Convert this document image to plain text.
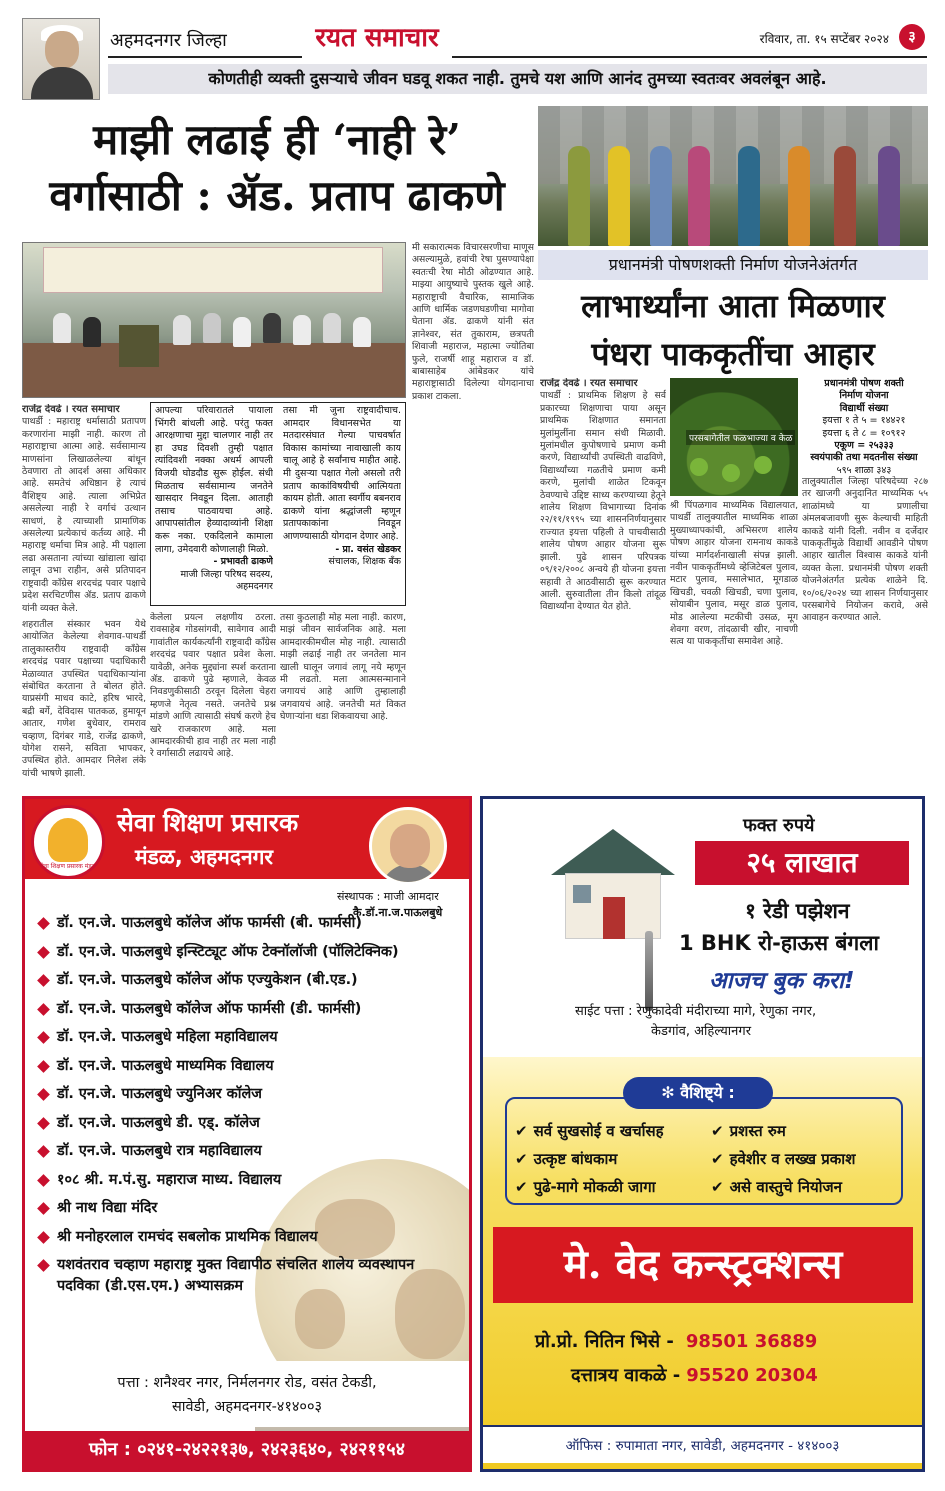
अहमदनगर जिल्हा	रयत समाचार	रविवार, ता. १५ सप्टेंबर २०२४	३
कोणतीही व्यक्ती दुसऱ्याचे जीवन घडवू शकत नाही. तुमचे यश आणि आनंद तुमच्या स्वतःवर अवलंबून आहे.
माझी लढाई ही ‘नाही रे’
वर्गासाठी : ॲड. प्रताप ढाकणे
राजेंद्र देवढे । रयत समाचार
पाथर्डी : महाराष्ट्र धर्मासाठी प्रतापण करणारांना माझी नाही. कारण तो महाराष्ट्राचा आत्मा आहे. सर्वसामान्य माणसांना लिखाळलेल्या बांधून ठेवणारा तो आदर्श असा अधिकार आहे. समतेचं अधिष्ठान हे त्याचं वैशिष्ट्य आहे. त्याला अभिप्रेत असलेल्या नाही रे वर्गाचं उत्थान साधणं, हे त्याच्याशी प्रामाणिक असलेल्या प्रत्येकाचं कर्तव्य आहे. मी महाराष्ट्र धर्माचा मित्र आहे. मी पक्षाला लढा असताना त्यांच्या खांद्याला खांदा लावून उभा राहीन, असे प्रतिपादन राष्ट्रवादी काँग्रेस शरदचंद्र पवार पक्षाचे प्रदेश सरचिटणीस ॲड. प्रताप ढाकणे यांनी व्यक्त केले.
शहरातील संस्कार भवन येथे आयोजित केलेल्या शेवगाव-पाथर्डी तालुकास्तरीय राष्ट्रवादी काँग्रेस शरदचंद्र पवार पक्षाच्या पदाधिकारी मेळाव्यात उपस्थित पदाधिकाऱ्यांना संबोधित करताना ते बोलत होते. याप्रसंगी माधव काटे, हरिष भारदे, बद्री बर्गे, देविदास पातकळ, हुमायून आतार, गणेश बुधेवार, रामराव चव्हाण, दिगंबर गाडे, राजेंद्र ढाकणे, योगेश रासने, सविता भापकर, उपस्थित होते. आमदार निलेश लंके यांची भाषणे झाली.
आपल्या परिवारातले पायाला भिंगरी बांधली आहे. परंतु फक्त आरक्षणाचा मुद्दा चालणार नाही तर हा उघड दिवशी तुम्ही पक्षात त्यांदिवशी नक्का अधर्म आपली विजयी घोडदौड सुरू होईल. संधी मिळताच सर्वसामान्य जनतेने खासदार निवडून दिला. आताही तसाच पाठवायचा आहे. आपापसांतील हेव्यादाव्यांनी शिक्षा करू नका. एकदिलाने कामाला लागा, उमेदवारी कोणालाही मिळो.
- प्रभावती ढाकणे
माजी जिल्हा परिषद सदस्य, अहमदनगर
तसा मी जुना राष्ट्रवादीचाच. आमदार विधानसभेत या मतदारसंघात गेल्या पाचवर्षात विकास कामांच्या नावाखाली काय चालू आहे हे सर्वांनाच माहीत आहे. मी दुसऱ्या पक्षात गेलो असलो तरी प्रताप काकांविषयीची आत्मियता कायम होती. आता स्वर्गीय बबनराव ढाकणे यांना श्रद्धांजली म्हणून प्रतापकाकांना निवडून आणण्यासाठी योगदान देणार आहे.
- प्रा. वसंत खेडकर
संचालक, शिक्षक बँक
केलेला प्रयत्न लक्षणीय ठरला. रावसाहेब गोडसांगवी, सावेगाव आदी गावांतील कार्यकर्त्यांनी राष्ट्रवादी काँग्रेस शरदचंद्र पवार पक्षात प्रवेश केला. यावेळी, अनेक मुद्द्यांना स्पर्श करताना ॲड. ढाकणे पुढे म्हणाले, केवळ निवडणुकीसाठी ठरवून दिलेला चेहरा म्हणजे नेतृत्व नसते. जनतेचे प्रश्न मांडणे आणि त्यासाठी संघर्ष करणे हेच खरे राजकारण आहे. मला आमदारकीची हाव नाही तर मला नाही रे वर्गासाठी लढायचे आहे.
तसा कुठलाही मोह मला नाही. कारण, माझं जीवन सार्वजनिक आहे. मला आमदारकीमधील मोह नाही. त्यासाठी माझी लढाई नाही तर जनतेला मान खाली घालून जगावं लागू नये म्हणून मी लढतो. मला आत्मसन्मानाने जगायचं आहे आणि तुम्हालाही जगवायचं आहे. जनतेची मतं विकत घेणाऱ्यांना धडा शिकवायचा आहे.
मी सकारात्मक विचारसरणीचा माणूस असल्यामुळे, हवांची रेषा पुसण्यापेक्षा स्वतःची रेषा मोठी ओढण्यात आहे. माझ्या आयुष्याचे पुस्तक खुले आहे. महाराष्ट्राची वैचारिक, सामाजिक आणि धार्मिक जडणघडणीचा मागोवा घेताना ॲड. ढाकणे यांनी संत ज्ञानेश्वर, संत तुकाराम, छत्रपती शिवाजी महाराज, महात्मा ज्योतिबा फुले, राजर्षी शाहू महाराज व डॉ. बाबासाहेब आंबेडकर यांचे महाराष्ट्रासाठी दिलेल्या योगदानाचा प्रकाश टाकला.
प्रधानमंत्री पोषणशक्ती निर्माण योजनेअंतर्गत
लाभार्थ्यांना आता मिळणार
पंधरा पाककृतींचा आहार
राजेंद्र देवढे । रयत समाचार
पाथर्डी : प्राथमिक शिक्षण हे सर्व प्रकारच्या शिक्षणाचा पाया असून प्राथमिक शिक्षणात समानता मुलांमुलींना समान संधी मिळावी. मुलांमधील कुपोषणाचे प्रमाण कमी करणे, विद्यार्थ्यांची उपस्थिती वाढविणे, विद्यार्थ्यांच्या गळतीचे प्रमाण कमी करणे, मुलांची शाळेत टिकवून ठेवण्याचे उद्दिष्ट साध्य करण्याच्या हेतूने शालेय शिक्षण विभागाच्या दिनांक २२/११/१९९५ च्या शासननिर्णयानुसार राज्यात इयत्ता पहिली ते पाचवीसाठी शालेय पोषण आहार योजना सुरू झाली. पुढे शासन परिपत्रक ०९/१२/२००८ अन्वये ही योजना इयत्ता सहावी ते आठवीसाठी सुरू करण्यात आली. सुरुवातीला तीन किलो तांदूळ विद्यार्थ्यांना देण्यात येत होते.
परसबागेतील फळभाज्या व केळ
प्रधानमंत्री पोषण शक्ती
निर्माण योजना
विद्यार्थी संख्या
इयत्ता १ ते ५ = १४४२१
इयत्ता ६ ते ८ = १०९१२
एकूण = २५३३३
स्वयंपाकी तथा मदतनीस संख्या
५९५ शाळा ३४३
श्री पिंपळगाव माध्यमिक विद्यालयात, पाथर्डी तालुक्यातील माध्यमिक शाळा मुख्याध्यापकांची, अभिसरण शालेय पोषण आहार योजना रामनाथ काकडे यांच्या मार्गदर्शनाखाली संपन्न झाली. नवीन पाककृतींमध्ये व्हेजिटेबल पुलाव, मटार पुलाव, मसालेभात, मूगडाळ खिचडी, चवळी खिचडी, चणा पुलाव, सोयाबीन पुलाव, मसूर डाळ पुलाव, मोड आलेल्या मटकीची उसळ, मूग शेवगा वरण, तांदळाची खीर, नाचणी सत्व या पाककृतींचा समावेश आहे.
तालुक्यातील जिल्हा परिषदेच्या २८७ तर खाजगी अनुदानित माध्यमिक ५५ शाळांमध्ये या प्रणालीचा अंमलबजावणी सुरू केल्याची माहिती काकडे यांनी दिली. नवीन व दर्जेदार पाककृतींमुळे विद्यार्थी आवडीने पोषण आहार खातील विश्वास काकडे यांनी व्यक्त केला. प्रधानमंत्री पोषण शक्ती योजनेअंतर्गत प्रत्येक शाळेने दि. १०/०६/२०२४ च्या शासन निर्णयानुसार परसबागेचे नियोजन करावे, असे आवाहन करण्यात आले.
सेवा शिक्षण प्रसारक मंडळ
सेवा शिक्षण प्रसारक
मंडळ, अहमदनगर
संस्थापक : माजी आमदार
कै.डॉ.ना.ज.पाऊलबुधे
डॉ. एन.जे. पाऊलबुधे कॉलेज ऑफ फार्मसी (बी. फार्मसी)
डॉ. एन.जे. पाऊलबुधे इन्स्टिट्यूट ऑफ टेक्नॉलॉजी (पॉलिटेक्निक)
डॉ. एन.जे. पाऊलबुधे कॉलेज ऑफ एज्युकेशन (बी.एड.)
डॉ. एन.जे. पाऊलबुधे कॉलेज ऑफ फार्मसी (डी. फार्मसी)
डॉ. एन.जे. पाऊलबुधे महिला महाविद्यालय
डॉ. एन.जे. पाऊलबुधे माध्यमिक विद्यालय
डॉ. एन.जे. पाऊलबुधे ज्युनिअर कॉलेज
डॉ. एन.जे. पाऊलबुधे डी. एड्. कॉलेज
डॉ. एन.जे. पाऊलबुधे रात्र महाविद्यालय
१०८ श्री. म.पं.सु. महाराज माध्य. विद्यालय
श्री नाथ विद्या मंदिर
श्री मनोहरलाल रामचंद सबलोक प्राथमिक विद्यालय
यशवंतराव चव्हाण महाराष्ट्र मुक्त विद्यापीठ संचलित शालेय व्यवस्थापन पदविका (डी.एस.एम.) अभ्यासक्रम
पत्ता : शनैश्वर नगर, निर्मलनगर रोड, वसंत टेकडी,
सावेडी, अहमदनगर-४१४००३
फोन : ०२४१-२४२२१३७, २४२३६४०, २४२११५४
फक्त रुपये
२५ लाखात
१ रेडी पझेशन
1 BHK रो-हाऊस बंगला
आजच बुक करा!
साईट पत्ता : रेणुकादेवी मंदीराच्या मागे, रेणुका नगर,
केडगांव, अहिल्यानगर
✻ वैशिष्ट्ये :
✔ सर्व सुखसोई व खर्चासह	✔ प्रशस्त रुम
✔ उत्कृष्ट बांधकाम	✔ हवेशीर व लख्ख प्रकाश
✔ पुढे-मागे मोकळी जागा	✔ असे वास्तुचे नियोजन
मे. वेद कन्स्ट्रक्शन्स
प्रो.प्रो. नितिन भिसे - 98501 36889
दत्तात्रय वाकळे - 95520 20304
ऑफिस : रुपामाता नगर, सावेडी, अहमदनगर - ४१४००३
